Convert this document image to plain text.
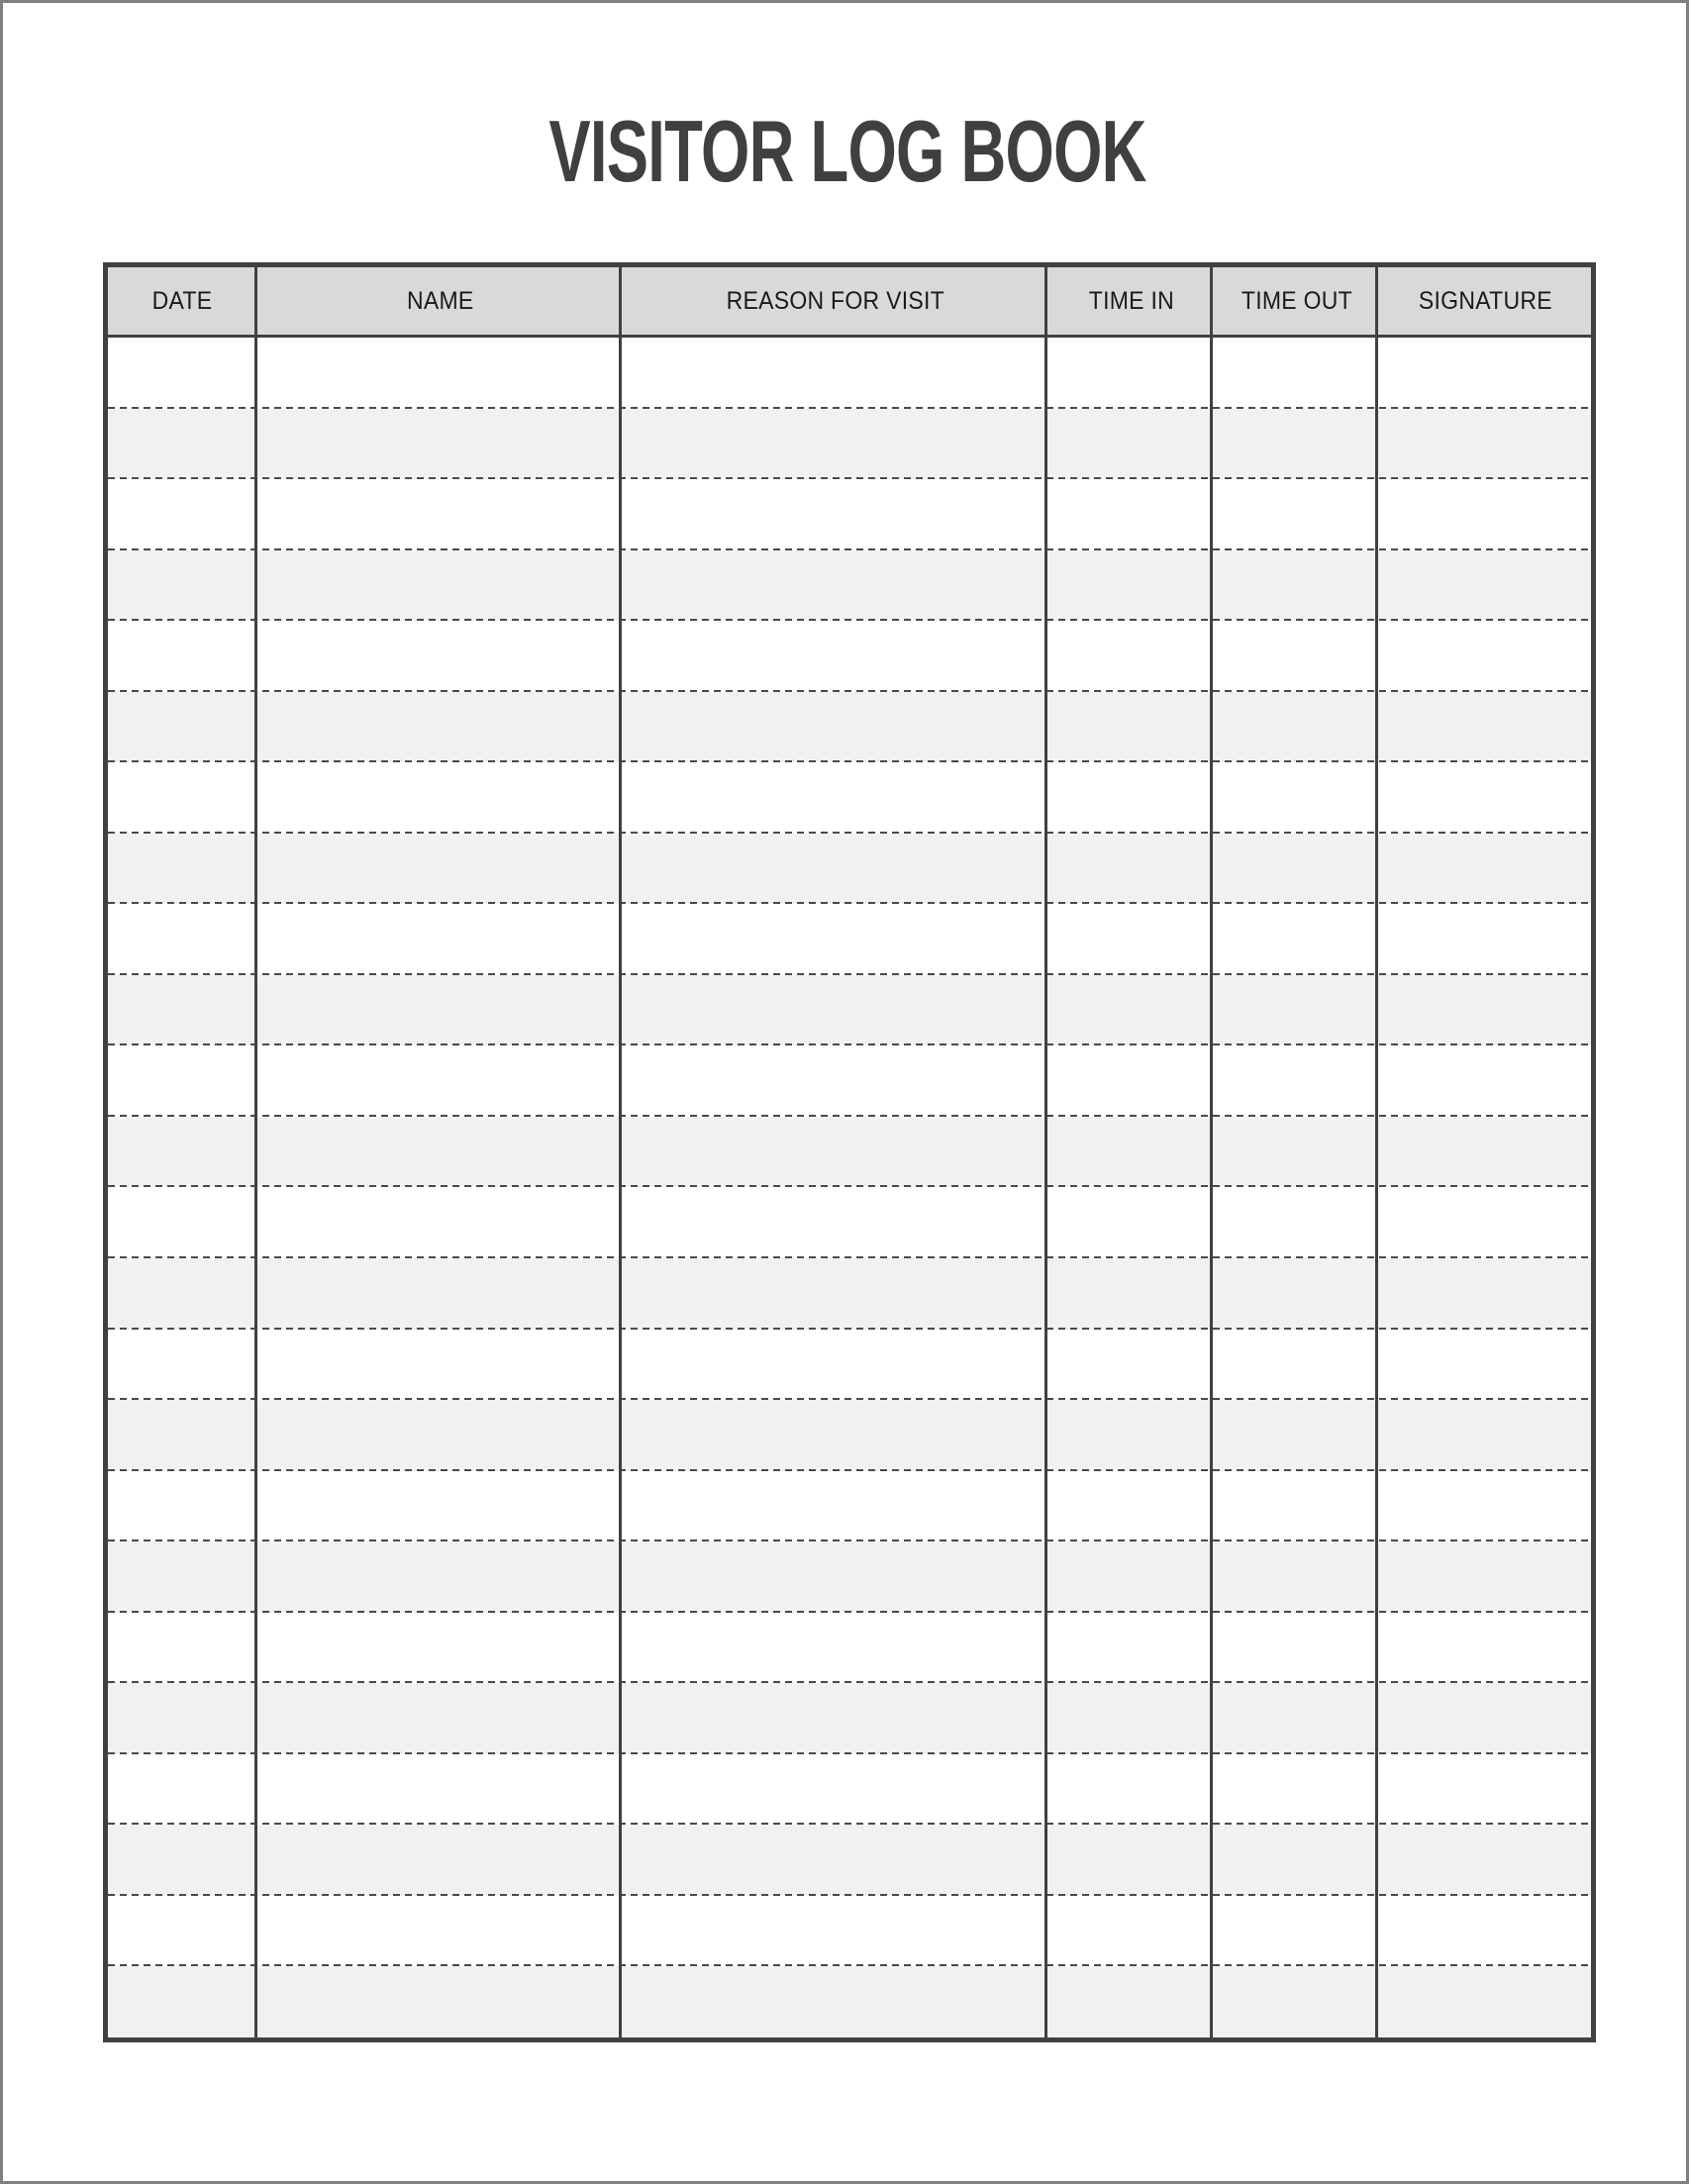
VISITOR LOG BOOK
DATE	NAME	REASON FOR VISIT	TIME IN	TIME OUT	SIGNATURE
